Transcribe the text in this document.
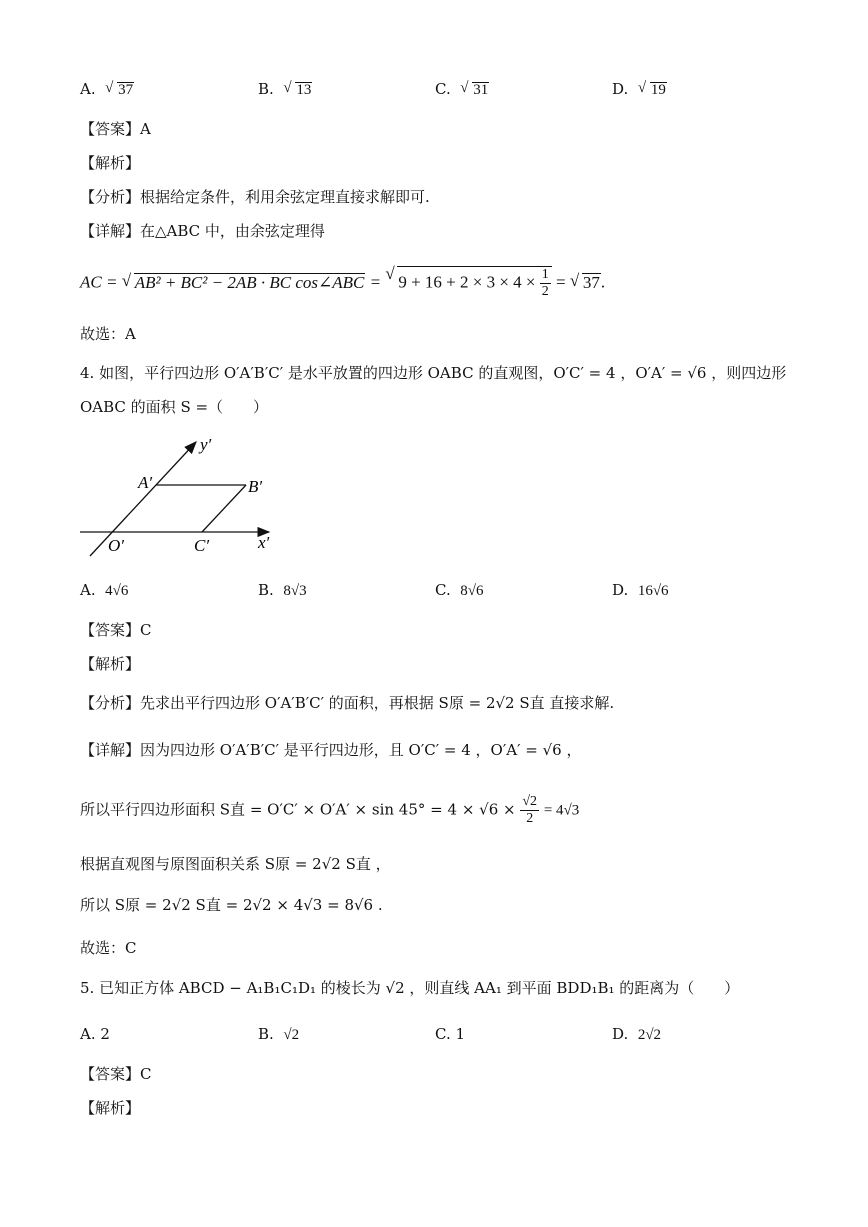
A. √ 37	B. √ 13	C. √ 31	D. √ 19
【答案】A
【解析】
【分析】根据给定条件，利用余弦定理直接求解即可.
【详解】在△ABC 中，由余弦定理得
AC = √ AB² + BC² − 2AB · BC cos∠ABC = √ $9 + 16 + 2 \times 3 \times 4 \times \frac{1}{2}$ = √ 37.
故选：A
4. 如图，平行四边形 O′A′B′C′ 是水平放置的四边形 OABC 的直观图，O′C′ = 4 ，O′A′ = √6 ，则四边形
OABC 的面积 S =（　　）
y′
A′	B′
O′	C′	x′
A. 4√6	B. 8√3	C. 8√6	D. 16√6
【答案】C
【解析】
【分析】先求出平行四边形 O′A′B′C′ 的面积，再根据 S原 = 2√2 S直 直接求解.
【详解】因为四边形 O′A′B′C′ 是平行四边形，且 O′C′ = 4 ，O′A′ = √6 ，
所以平行四边形面积 S直 = $O'C' \times O'A' \times \sin 45^\circ = 4 \times √6 \times \frac{√2}{2} = 4√3$
根据直观图与原图面积关系 S原 = 2√2 S直 ，
所以 S原 = 2√2 S直 = 2√2 × 4√3 = 8√6 .
故选：C
5. 已知正方体 ABCD − A₁B₁C₁D₁ 的棱长为 √2 ，则直线 AA₁ 到平面 BDD₁B₁ 的距离为（　　）
A. 2	B. √2	C. 1	D. 2√2
【答案】C
【解析】
